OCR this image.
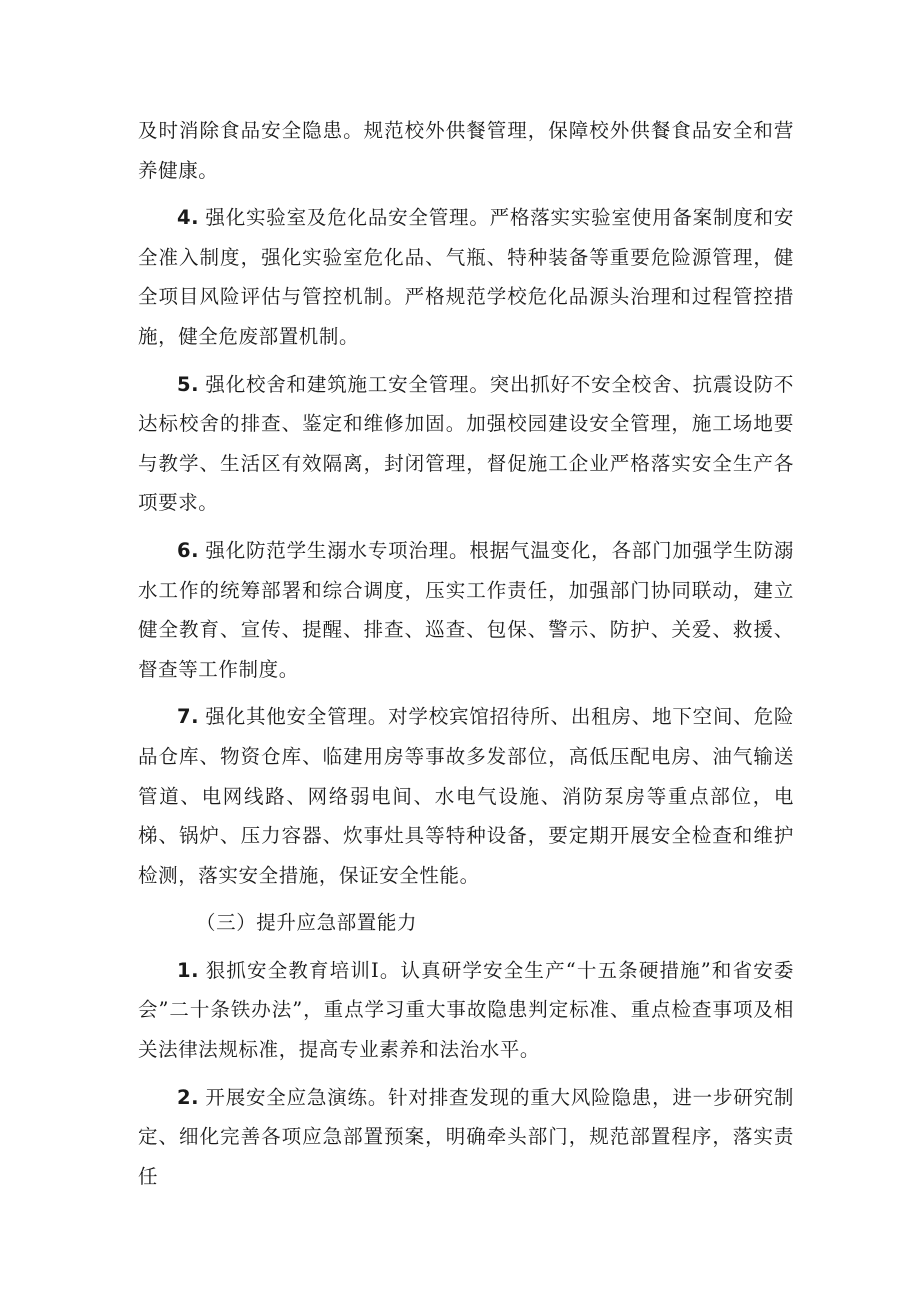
及时消除食品安全隐患。规范校外供餐管理，保障校外供餐食品安全和营养健康。

4. 强化实验室及危化品安全管理。严格落实实验室使用备案制度和安全准入制度，强化实验室危化品、气瓶、特种装备等重要危险源管理，健全项目风险评估与管控机制。严格规范学校危化品源头治理和过程管控措施，健全危废部置机制。

5. 强化校舍和建筑施工安全管理。突出抓好不安全校舍、抗震设防不达标校舍的排查、鉴定和维修加固。加强校园建设安全管理，施工场地要与教学、生活区有效隔离，封闭管理，督促施工企业严格落实安全生产各项要求。

6. 强化防范学生溺水专项治理。根据气温变化，各部门加强学生防溺水工作的统筹部署和综合调度，压实工作责任，加强部门协同联动，建立健全教育、宣传、提醒、排查、巡查、包保、警示、防护、关爱、救援、督查等工作制度。

7. 强化其他安全管理。对学校宾馆招待所、出租房、地下空间、危险品仓库、物资仓库、临建用房等事故多发部位，高低压配电房、油气输送管道、电网线路、网络弱电间、水电气设施、消防泵房等重点部位，电梯、锅炉、压力容器、炊事灶具等特种设备，要定期开展安全检查和维护检测，落实安全措施，保证安全性能。

（三）提升应急部置能力

1. 狠抓安全教育培训I。认真研学安全生产“十五条硬措施”和省安委会”二十条铁办法”，重点学习重大事故隐患判定标准、重点检查事项及相关法律法规标准，提高专业素养和法治水平。

2. 开展安全应急演练。针对排查发现的重大风险隐患，进一步研究制定、细化完善各项应急部置预案，明确牵头部门，规范部置程序，落实责任
